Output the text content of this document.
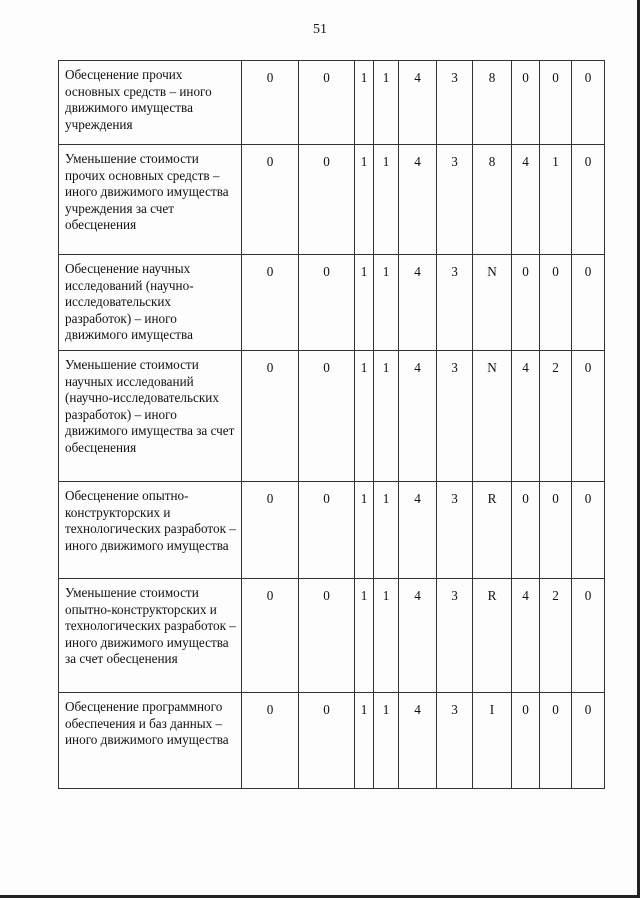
51
Обесценение прочих основных средств – иного движимого имущества учреждения	0	0	1	1	4	3	8	0	0	0
Уменьшение стоимости прочих основных средств – иного движимого имущества учреждения за счет обесценения	0	0	1	1	4	3	8	4	1	0
Обесценение научных исследований (научно-исследовательских разработок) – иного движимого имущества	0	0	1	1	4	3	N	0	0	0
Уменьшение стоимости научных исследований (научно-исследовательских разработок) – иного движимого имущества за счет обесценения	0	0	1	1	4	3	N	4	2	0
Обесценение опытно-конструкторских и технологических разработок – иного движимого имущества	0	0	1	1	4	3	R	0	0	0
Уменьшение стоимости опытно-конструкторских и технологических разработок – иного движимого имущества за счет обесценения	0	0	1	1	4	3	R	4	2	0
Обесценение программного обеспечения и баз данных – иного движимого имущества	0	0	1	1	4	3	I	0	0	0
